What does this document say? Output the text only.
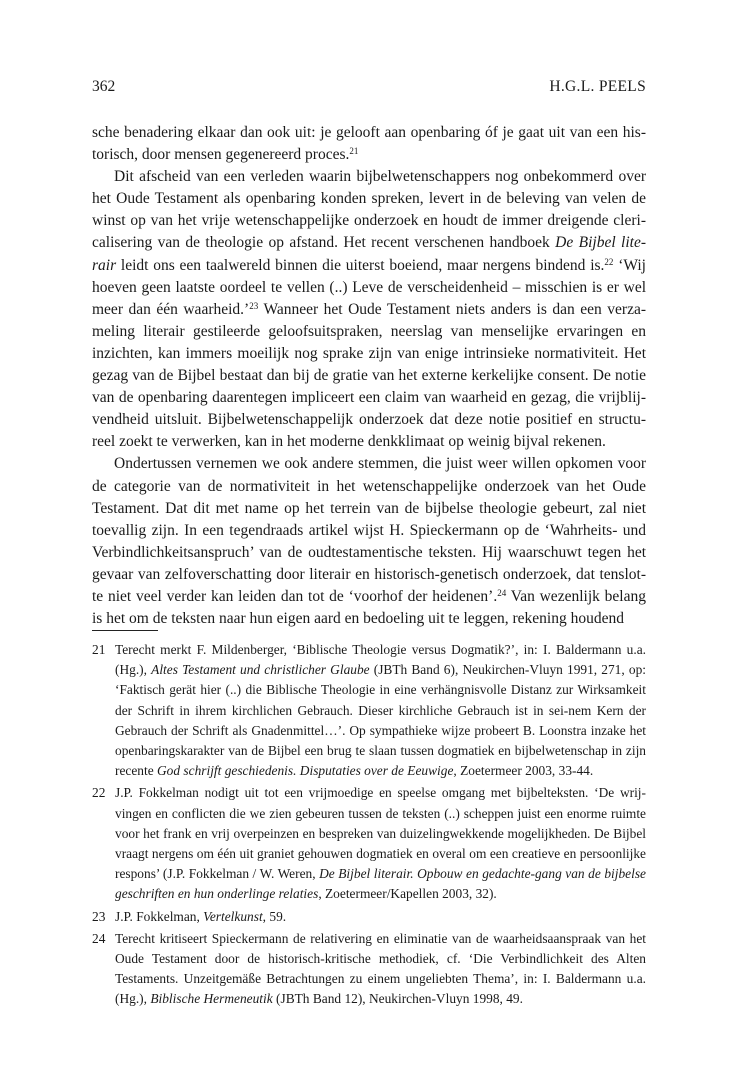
362	H.G.L. PEELS

sche benadering elkaar dan ook uit: je gelooft aan openbaring óf je gaat uit van een his-torisch, door mensen gegenereerd proces.$^{21}$

Dit afscheid van een verleden waarin bijbelwetenschappers nog onbekommerd over het Oude Testament als openbaring konden spreken, levert in de beleving van velen de winst op van het vrije wetenschappelijke onderzoek en houdt de immer dreigende cleri-calisering van de theologie op afstand. Het recent verschenen handboek De Bijbel lite-rair leidt ons een taalwereld binnen die uiterst boeiend, maar nergens bindend is.$^{22}$ ‘Wij hoeven geen laatste oordeel te vellen (..) Leve de verscheidenheid – misschien is er wel meer dan één waarheid.’$^{23}$ Wanneer het Oude Testament niets anders is dan een verza-meling literair gestileerde geloofsuitspraken, neerslag van menselijke ervaringen en inzichten, kan immers moeilijk nog sprake zijn van enige intrinsieke normativiteit. Het gezag van de Bijbel bestaat dan bij de gratie van het externe kerkelijke consent. De notie van de openbaring daarentegen impliceert een claim van waarheid en gezag, die vrijblij-vendheid uitsluit. Bijbelwetenschappelijk onderzoek dat deze notie positief en structu-reel zoekt te verwerken, kan in het moderne denkklimaat op weinig bijval rekenen.

Ondertussen vernemen we ook andere stemmen, die juist weer willen opkomen voor de categorie van de normativiteit in het wetenschappelijke onderzoek van het Oude Testament. Dat dit met name op het terrein van de bijbelse theologie gebeurt, zal niet toevallig zijn. In een tegendraads artikel wijst H. Spieckermann op de ‘Wahrheits- und Verbindlichkeitsanspruch’ van de oudtestamentische teksten. Hij waarschuwt tegen het gevaar van zelfoverschatting door literair en historisch-genetisch onderzoek, dat tenslot-te niet veel verder kan leiden dan tot de ‘voorhof der heidenen’.$^{24}$ Van wezenlijk belang is het om de teksten naar hun eigen aard en bedoeling uit te leggen, rekening houdend

21 Terecht merkt F. Mildenberger, ‘Biblische Theologie versus Dogmatik?’, in: I. Baldermann u.a. (Hg.), Altes Testament und christlicher Glaube (JBTh Band 6), Neukirchen-Vluyn 1991, 271, op: ‘Faktisch gerät hier (..) die Biblische Theologie in eine verhängnisvolle Distanz zur Wirksamkeit der Schrift in ihrem kirchlichen Gebrauch. Dieser kirchliche Gebrauch ist in sei-nem Kern der Gebrauch der Schrift als Gnadenmittel…’. Op sympathieke wijze probeert B. Loonstra inzake het openbaringskarakter van de Bijbel een brug te slaan tussen dogmatiek en bijbelwetenschap in zijn recente God schrijft geschiedenis. Disputaties over de Eeuwige, Zoetermeer 2003, 33-44.
22 J.P. Fokkelman nodigt uit tot een vrijmoedige en speelse omgang met bijbelteksten. ‘De wrij-vingen en conflicten die we zien gebeuren tussen de teksten (..) scheppen juist een enorme ruimte voor het frank en vrij overpeinzen en bespreken van duizelingwekkende mogelijkheden. De Bijbel vraagt nergens om één uit graniet gehouwen dogmatiek en overal om een creatieve en persoonlijke respons’ (J.P. Fokkelman / W. Weren, De Bijbel literair. Opbouw en gedachte-gang van de bijbelse geschriften en hun onderlinge relaties, Zoetermeer/Kapellen 2003, 32).
23 J.P. Fokkelman, Vertelkunst, 59.
24 Terecht kritiseert Spieckermann de relativering en eliminatie van de waarheidsaanspraak van het Oude Testament door de historisch-kritische methodiek, cf. ‘Die Verbindlichkeit des Alten Testaments. Unzeitgemäße Betrachtungen zu einem ungeliebten Thema’, in: I. Baldermann u.a. (Hg.), Biblische Hermeneutik (JBTh Band 12), Neukirchen-Vluyn 1998, 49.
